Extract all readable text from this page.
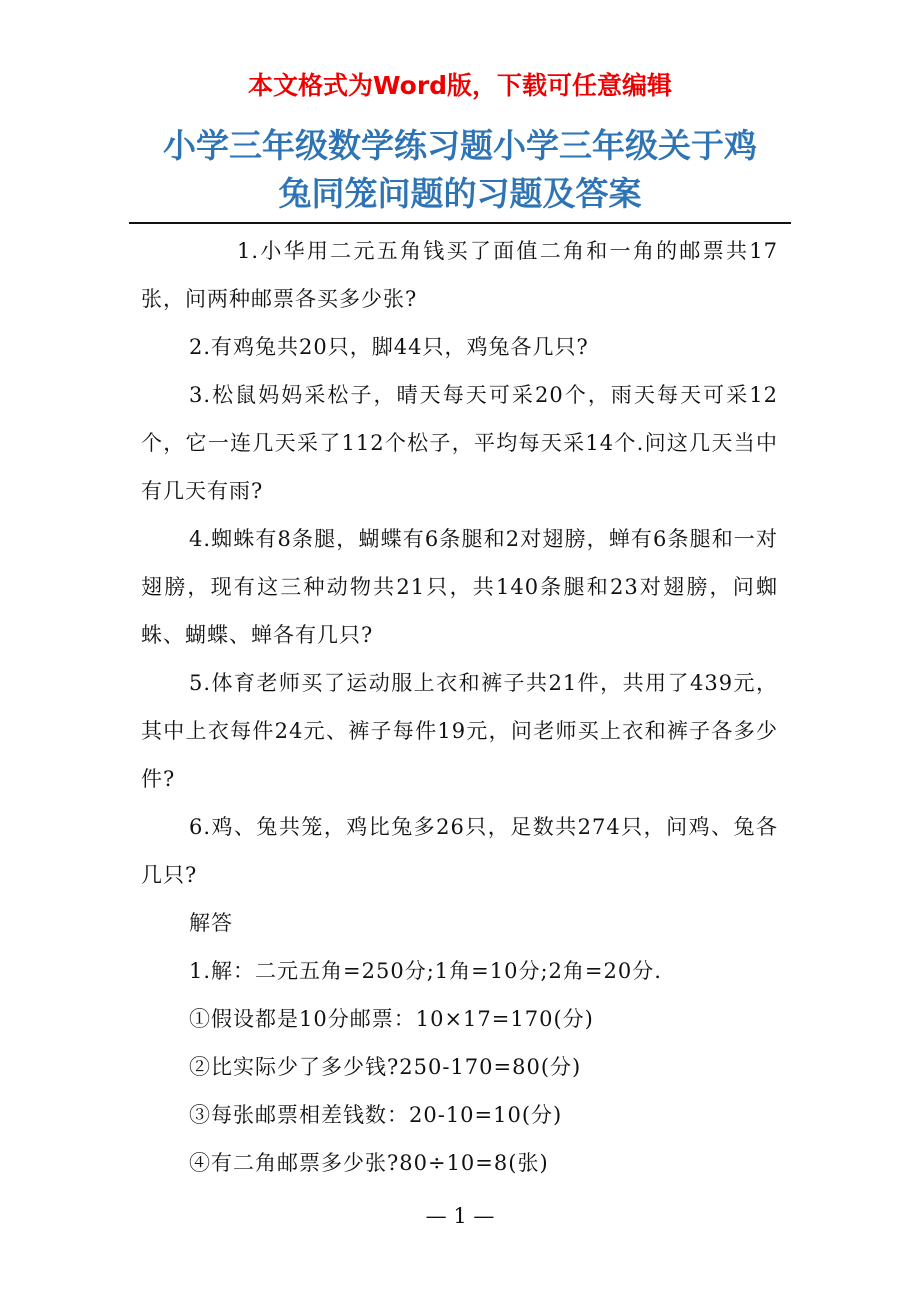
本文格式为Word版，下载可任意编辑
小学三年级数学练习题小学三年级关于鸡
兔同笼问题的习题及答案

1.小华用二元五角钱买了面值二角和一角的邮票共17张，问两种邮票各买多少张?

2.有鸡兔共20只，脚44只，鸡兔各几只?

3.松鼠妈妈采松子，晴天每天可采20个，雨天每天可采12个，它一连几天采了112个松子，平均每天采14个.问这几天当中有几天有雨?

4.蜘蛛有8条腿，蝴蝶有6条腿和2对翅膀，蝉有6条腿和一对翅膀，现有这三种动物共21只，共140条腿和23对翅膀，问蜘蛛、蝴蝶、蝉各有几只?

5.体育老师买了运动服上衣和裤子共21件，共用了439元，其中上衣每件24元、裤子每件19元，问老师买上衣和裤子各多少件?

6.鸡、兔共笼，鸡比兔多26只，足数共274只，问鸡、兔各几只?

解答

1.解：二元五角=250分;1角=10分;2角=20分.

①假设都是10分邮票：10×17=170(分)

②比实际少了多少钱?250-170=80(分)

③每张邮票相差钱数：20-10=10(分)

④有二角邮票多少张?80÷10=8(张)

— 1 —
